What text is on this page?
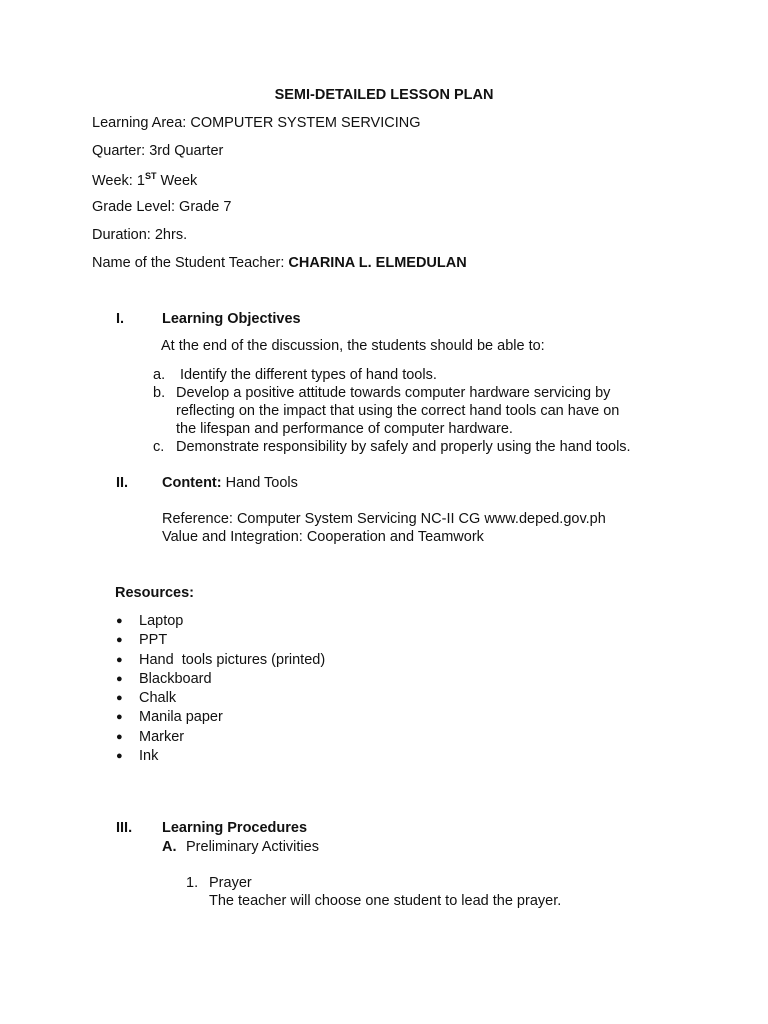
SEMI-DETAILED LESSON PLAN
Learning Area: COMPUTER SYSTEM SERVICING
Quarter: 3rd Quarter
Week: 1ST Week
Grade Level: Grade 7
Duration: 2hrs.
Name of the Student Teacher: CHARINA L. ELMEDULAN
I.	Learning Objectives
At the end of the discussion, the students should be able to:
a. Identify the different types of hand tools.
b. Develop a positive attitude towards computer hardware servicing by
reflecting on the impact that using the correct hand tools can have on
the lifespan and performance of computer hardware.
c. Demonstrate responsibility by safely and properly using the hand tools.
II. Content: Hand Tools
Reference: Computer System Servicing NC-II CG www.deped.gov.ph
Value and Integration: Cooperation and Teamwork
Resources:
● Laptop
● PPT
● Hand  tools pictures (printed)
● Blackboard
● Chalk
● Manila paper
● Marker
● Ink
III. Learning Procedures
A. Preliminary Activities
1. Prayer
The teacher will choose one student to lead the prayer.
